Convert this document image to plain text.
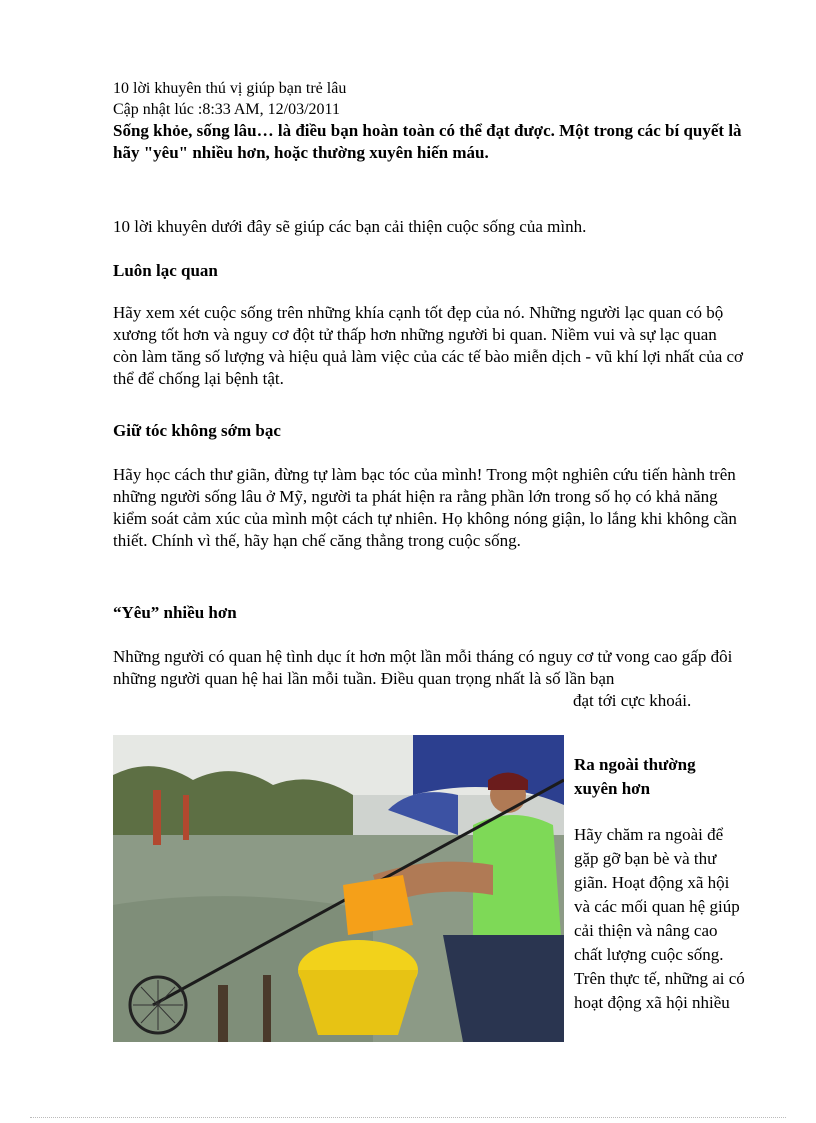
10 lời khuyên thú vị giúp bạn trẻ lâu

Cập nhật lúc :8:33 AM, 12/03/2011

Sống khỏe, sống lâu… là điều bạn hoàn toàn có thể đạt được. Một trong các bí quyết là hãy "yêu" nhiều hơn, hoặc thường xuyên hiến máu.

10 lời khuyên dưới đây sẽ giúp các bạn cải thiện cuộc sống của mình.

Luôn lạc quan

Hãy xem xét cuộc sống trên những khía cạnh tốt đẹp của nó. Những người lạc quan có bộ xương tốt hơn và nguy cơ đột tử thấp hơn những người bi quan. Niềm vui và sự lạc quan còn làm tăng số lượng và hiệu quả làm việc của các tế bào miễn dịch - vũ khí lợi nhất của cơ thể để chống lại bệnh tật.

Giữ tóc không sớm bạc

Hãy học cách thư giãn, đừng tự làm bạc tóc của mình! Trong một nghiên cứu tiến hành trên những người sống lâu ở Mỹ, người ta phát hiện ra rằng phần lớn trong số họ có khả năng kiểm soát cảm xúc của mình một cách tự nhiên. Họ không nóng giận, lo lắng khi không cần thiết. Chính vì thế, hãy hạn chế căng thẳng trong cuộc sống.

“Yêu” nhiều hơn

Những người có quan hệ tình dục ít hơn một lần mỗi tháng có nguy cơ tử vong cao gấp đôi những người quan hệ hai lần mỗi tuần. Điều quan trọng nhất là số lần bạn

đạt tới cực khoái.

Ra ngoài thường xuyên hơn

Hãy chăm ra ngoài để gặp gỡ bạn bè và thư giãn. Hoạt động xã hội và các mối quan hệ giúp cải thiện và nâng cao chất lượng cuộc sống. Trên thực tế, những ai có hoạt động xã hội nhiều
